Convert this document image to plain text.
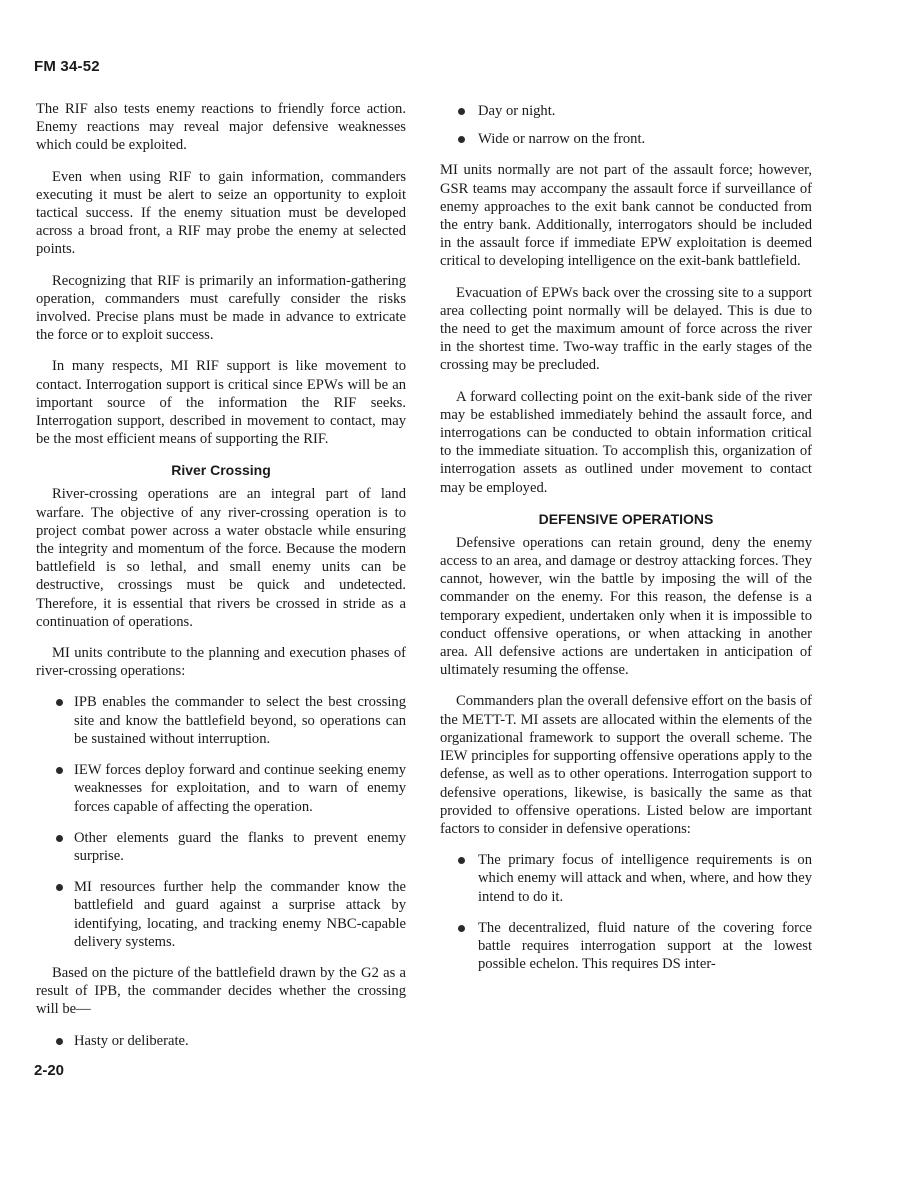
FM 34-52

The RIF also tests enemy reactions to friendly force action. Enemy reactions may reveal major defensive weaknesses which could be exploited.

Even when using RIF to gain information, commanders executing it must be alert to seize an opportunity to exploit tactical success. If the enemy situation must be developed across a broad front, a RIF may probe the enemy at selected points.

Recognizing that RIF is primarily an information-gathering operation, commanders must carefully consider the risks involved. Precise plans must be made in advance to extricate the force or to exploit success.

In many respects, MI RIF support is like movement to contact. Interrogation support is critical since EPWs will be an important source of the information the RIF seeks. Interrogation support, described in movement to contact, may be the most efficient means of supporting the RIF.

River Crossing

River-crossing operations are an integral part of land warfare. The objective of any river-crossing operation is to project combat power across a water obstacle while ensuring the integrity and momentum of the force. Because the modern battlefield is so lethal, and small enemy units can be destructive, crossings must be quick and undetected. Therefore, it is essential that rivers be crossed in stride as a continuation of operations.

MI units contribute to the planning and execution phases of river-crossing operations:

IPB enables the commander to select the best crossing site and know the battlefield beyond, so operations can be sustained without interruption.
IEW forces deploy forward and continue seeking enemy weaknesses for exploitation, and to warn of enemy forces capable of affecting the operation.
Other elements guard the flanks to prevent enemy surprise.
MI resources further help the commander know the battlefield and guard against a surprise attack by identifying, locating, and tracking enemy NBC-capable delivery systems.

Based on the picture of the battlefield drawn by the G2 as a result of IPB, the commander decides whether the crossing will be—

Hasty or deliberate.
Day or night.
Wide or narrow on the front.

MI units normally are not part of the assault force; however, GSR teams may accompany the assault force if surveillance of enemy approaches to the exit bank cannot be conducted from the entry bank. Additionally, interrogators should be included in the assault force if immediate EPW exploitation is deemed critical to developing intelligence on the exit-bank battlefield.

Evacuation of EPWs back over the crossing site to a support area collecting point normally will be delayed. This is due to the need to get the maximum amount of force across the river in the shortest time. Two-way traffic in the early stages of the crossing may be precluded.

A forward collecting point on the exit-bank side of the river may be established immediately behind the assault force, and interrogations can be conducted to obtain information critical to the immediate situation. To accomplish this, organization of interrogation assets as outlined under movement to contact may be employed.

DEFENSIVE OPERATIONS

Defensive operations can retain ground, deny the enemy access to an area, and damage or destroy attacking forces. They cannot, however, win the battle by imposing the will of the commander on the enemy. For this reason, the defense is a temporary expedient, undertaken only when it is impossible to conduct offensive operations, or when attacking in another area. All defensive actions are undertaken in anticipation of ultimately resuming the offense.

Commanders plan the overall defensive effort on the basis of the METT-T. MI assets are allocated within the elements of the organizational framework to support the overall scheme. The IEW principles for supporting offensive operations apply to the defense, as well as to other operations. Interrogation support to defensive operations, likewise, is basically the same as that provided to offensive operations. Listed below are important factors to consider in defensive operations:

The primary focus of intelligence requirements is on which enemy will attack and when, where, and how they intend to do it.
The decentralized, fluid nature of the covering force battle requires interrogation support at the lowest possible echelon. This requires DS inter-
2-20
